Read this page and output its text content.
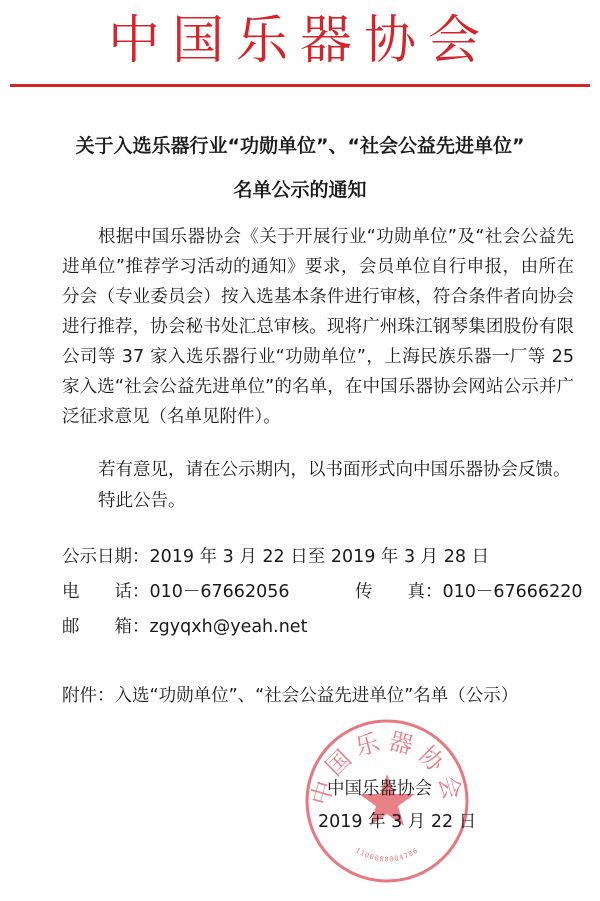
中国乐器协会
关于入选乐器行业“功勋单位”、“社会公益先进单位”
名单公示的通知
根据中国乐器协会《关于开展行业“功勋单位”及“社会公益先进单位”推荐学习活动的通知》要求，会员单位自行申报，由所在分会（专业委员会）按入选基本条件进行审核，符合条件者向协会进行推荐，协会秘书处汇总审核。现将广州珠江钢琴集团股份有限公司等 37 家入选乐器行业“功勋单位”，上海民族乐器一厂等 25 家入选“社会公益先进单位”的名单，在中国乐器协会网站公示并广泛征求意见（名单见附件）。
若有意见，请在公示期内，以书面形式向中国乐器协会反馈。
特此公告。
公示日期：2019 年 3 月 22 日至 2019 年 3 月 28 日
电　　话：010－67662056	传　　真：010－67666220
邮　　箱：zgyqxh@yeah.net
附件：入选“功勋单位”、“社会公益先进单位”名单（公示）
中国乐器协会
1100000004706
中国乐器协会
2019 年 3 月 22 日
